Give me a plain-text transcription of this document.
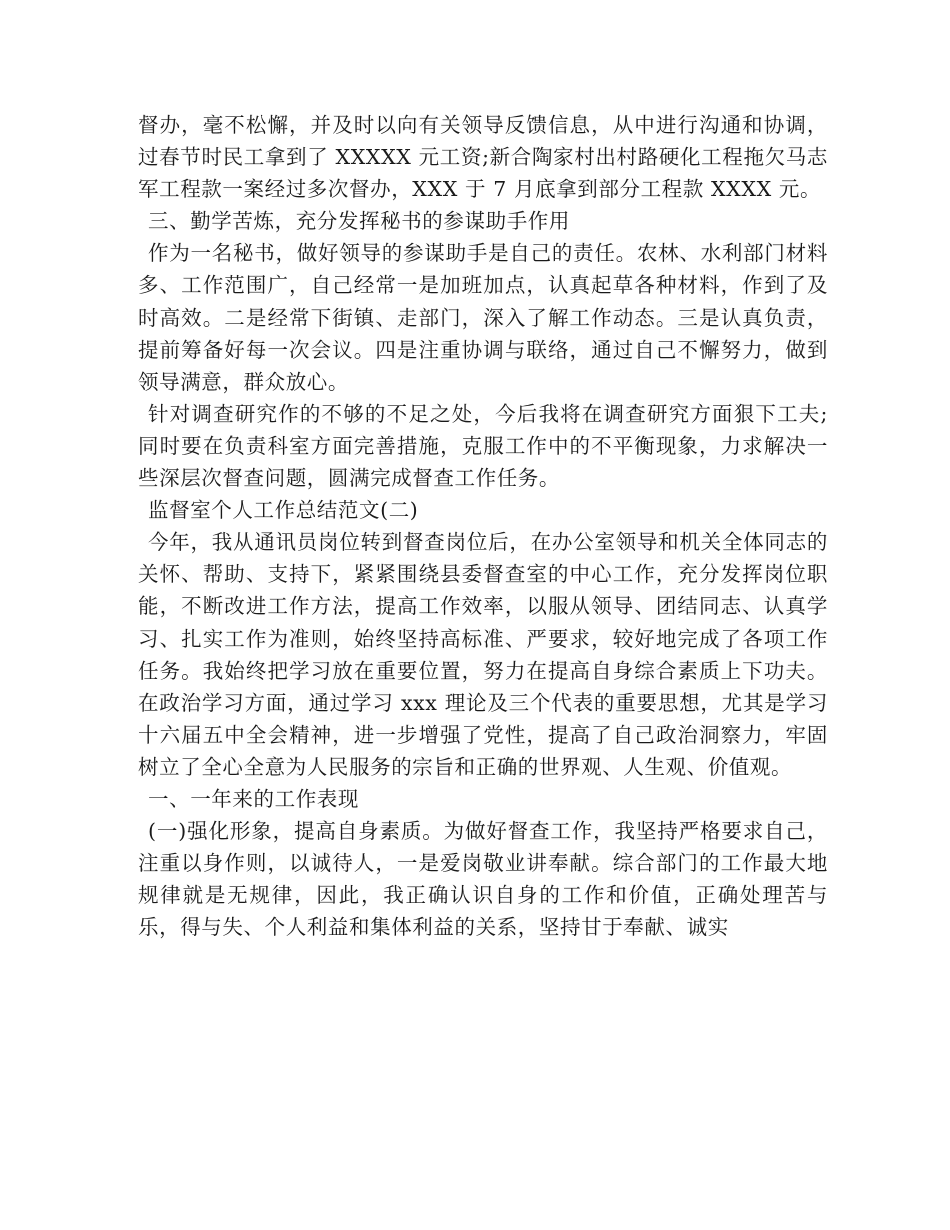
督办，毫不松懈，并及时以向有关领导反馈信息，从中进行沟通和协调，过春节时民工拿到了 XXXXX 元工资;新合陶家村出村路硬化工程拖欠马志军工程款一案经过多次督办，XXX 于 7 月底拿到部分工程款 XXXX 元。

三、勤学苦炼，充分发挥秘书的参谋助手作用

作为一名秘书，做好领导的参谋助手是自己的责任。农林、水利部门材料多、工作范围广，自己经常一是加班加点，认真起草各种材料，作到了及时高效。二是经常下街镇、走部门，深入了解工作动态。三是认真负责，提前筹备好每一次会议。四是注重协调与联络，通过自己不懈努力，做到领导满意，群众放心。

针对调查研究作的不够的不足之处，今后我将在调查研究方面狠下工夫;同时要在负责科室方面完善措施，克服工作中的不平衡现象，力求解决一些深层次督查问题，圆满完成督查工作任务。

监督室个人工作总结范文(二)

今年，我从通讯员岗位转到督查岗位后，在办公室领导和机关全体同志的关怀、帮助、支持下，紧紧围绕县委督查室的中心工作，充分发挥岗位职能，不断改进工作方法，提高工作效率，以服从领导、团结同志、认真学习、扎实工作为准则，始终坚持高标准、严要求，较好地完成了各项工作任务。我始终把学习放在重要位置，努力在提高自身综合素质上下功夫。在政治学习方面，通过学习 xxx 理论及三个代表的重要思想，尤其是学习十六届五中全会精神，进一步增强了党性，提高了自己政治洞察力，牢固树立了全心全意为人民服务的宗旨和正确的世界观、人生观、价值观。

一、一年来的工作表现

(一)强化形象，提高自身素质。为做好督查工作，我坚持严格要求自己，注重以身作则，以诚待人，一是爱岗敬业讲奉献。综合部门的工作最大地规律就是无规律，因此，我正确认识自身的工作和价值，正确处理苦与乐，得与失、个人利益和集体利益的关系，坚持甘于奉献、诚实
